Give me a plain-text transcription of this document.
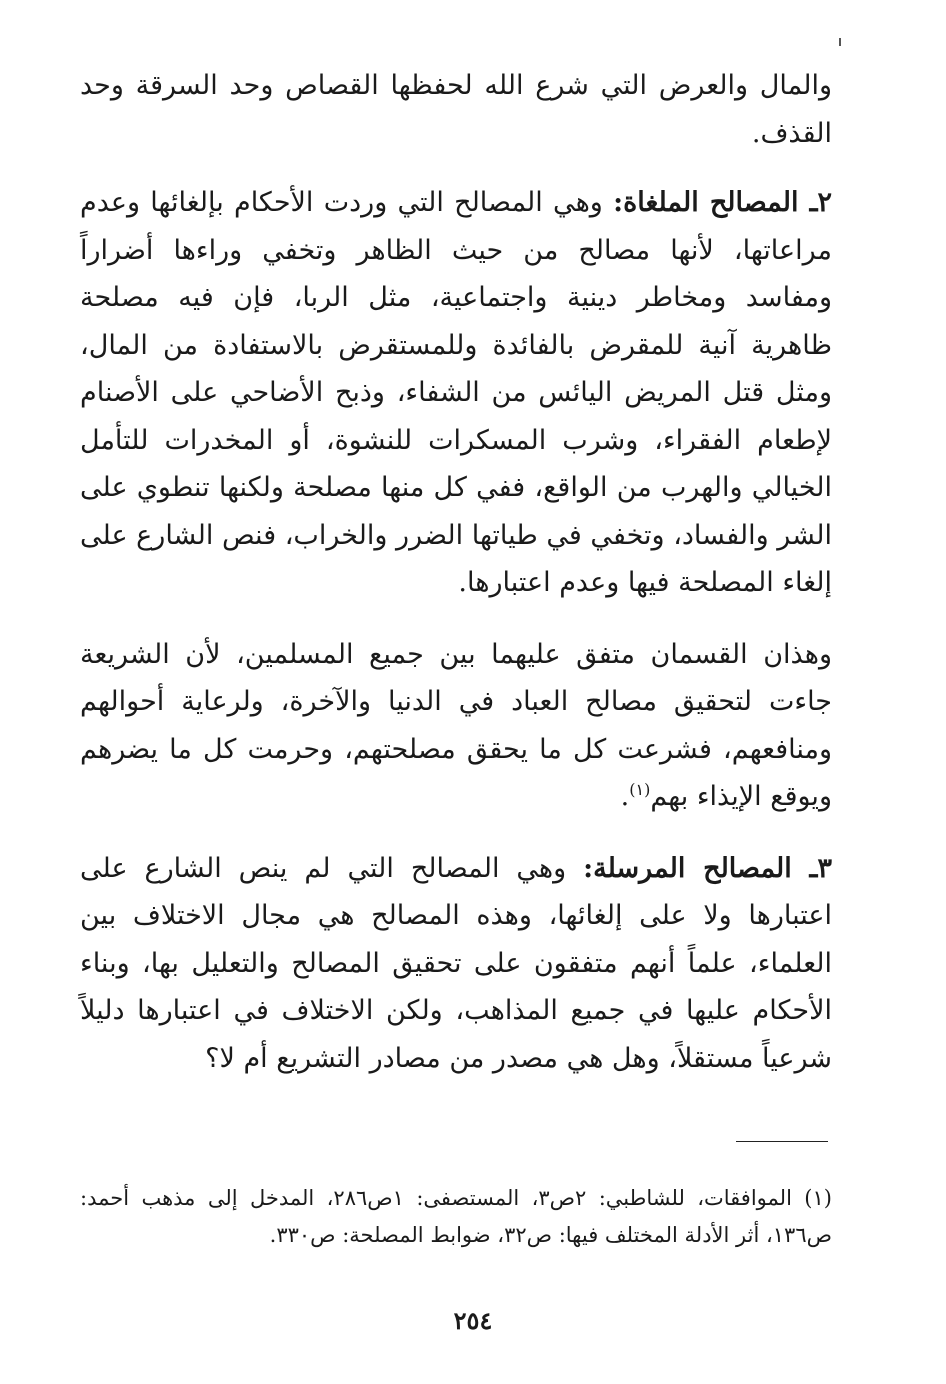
والمال والعرض التي شرع الله لحفظها القصاص وحد السرقة وحد القذف.

٢ـ المصالح الملغاة: وهي المصالح التي وردت الأحكام بإلغائها وعدم مراعاتها، لأنها مصالح من حيث الظاهر وتخفي وراءها أضراراً ومفاسد ومخاطر دينية واجتماعية، مثل الربا، فإن فيه مصلحة ظاهرية آنية للمقرض بالفائدة وللمستقرض بالاستفادة من المال، ومثل قتل المريض اليائس من الشفاء، وذبح الأضاحي على الأصنام لإطعام الفقراء، وشرب المسكرات للنشوة، أو المخدرات للتأمل الخيالي والهرب من الواقع، ففي كل منها مصلحة ولكنها تنطوي على الشر والفساد، وتخفي في طياتها الضرر والخراب، فنص الشارع على إلغاء المصلحة فيها وعدم اعتبارها.

وهذان القسمان متفق عليهما بين جميع المسلمين، لأن الشريعة جاءت لتحقيق مصالح العباد في الدنيا والآخرة، ولرعاية أحوالهم ومنافعهم، فشرعت كل ما يحقق مصلحتهم، وحرمت كل ما يضرهم ويوقع الإيذاء بهم$^{(١)}$.

٣ـ المصالح المرسلة: وهي المصالح التي لم ينص الشارع على اعتبارها ولا على إلغائها، وهذه المصالح هي مجال الاختلاف بين العلماء، علماً أنهم متفقون على تحقيق المصالح والتعليل بها، وبناء الأحكام عليها في جميع المذاهب، ولكن الاختلاف في اعتبارها دليلاً شرعياً مستقلاً، وهل هي مصدر من مصادر التشريع أم لا؟

(١) الموافقات، للشاطبي: ٢ص٣، المستصفى: ١ص٢٨٦، المدخل إلى مذهب أحمد: ص١٣٦، أثر الأدلة المختلف فيها: ص٣٢، ضوابط المصلحة: ص٣٣٠.

٢٥٤
